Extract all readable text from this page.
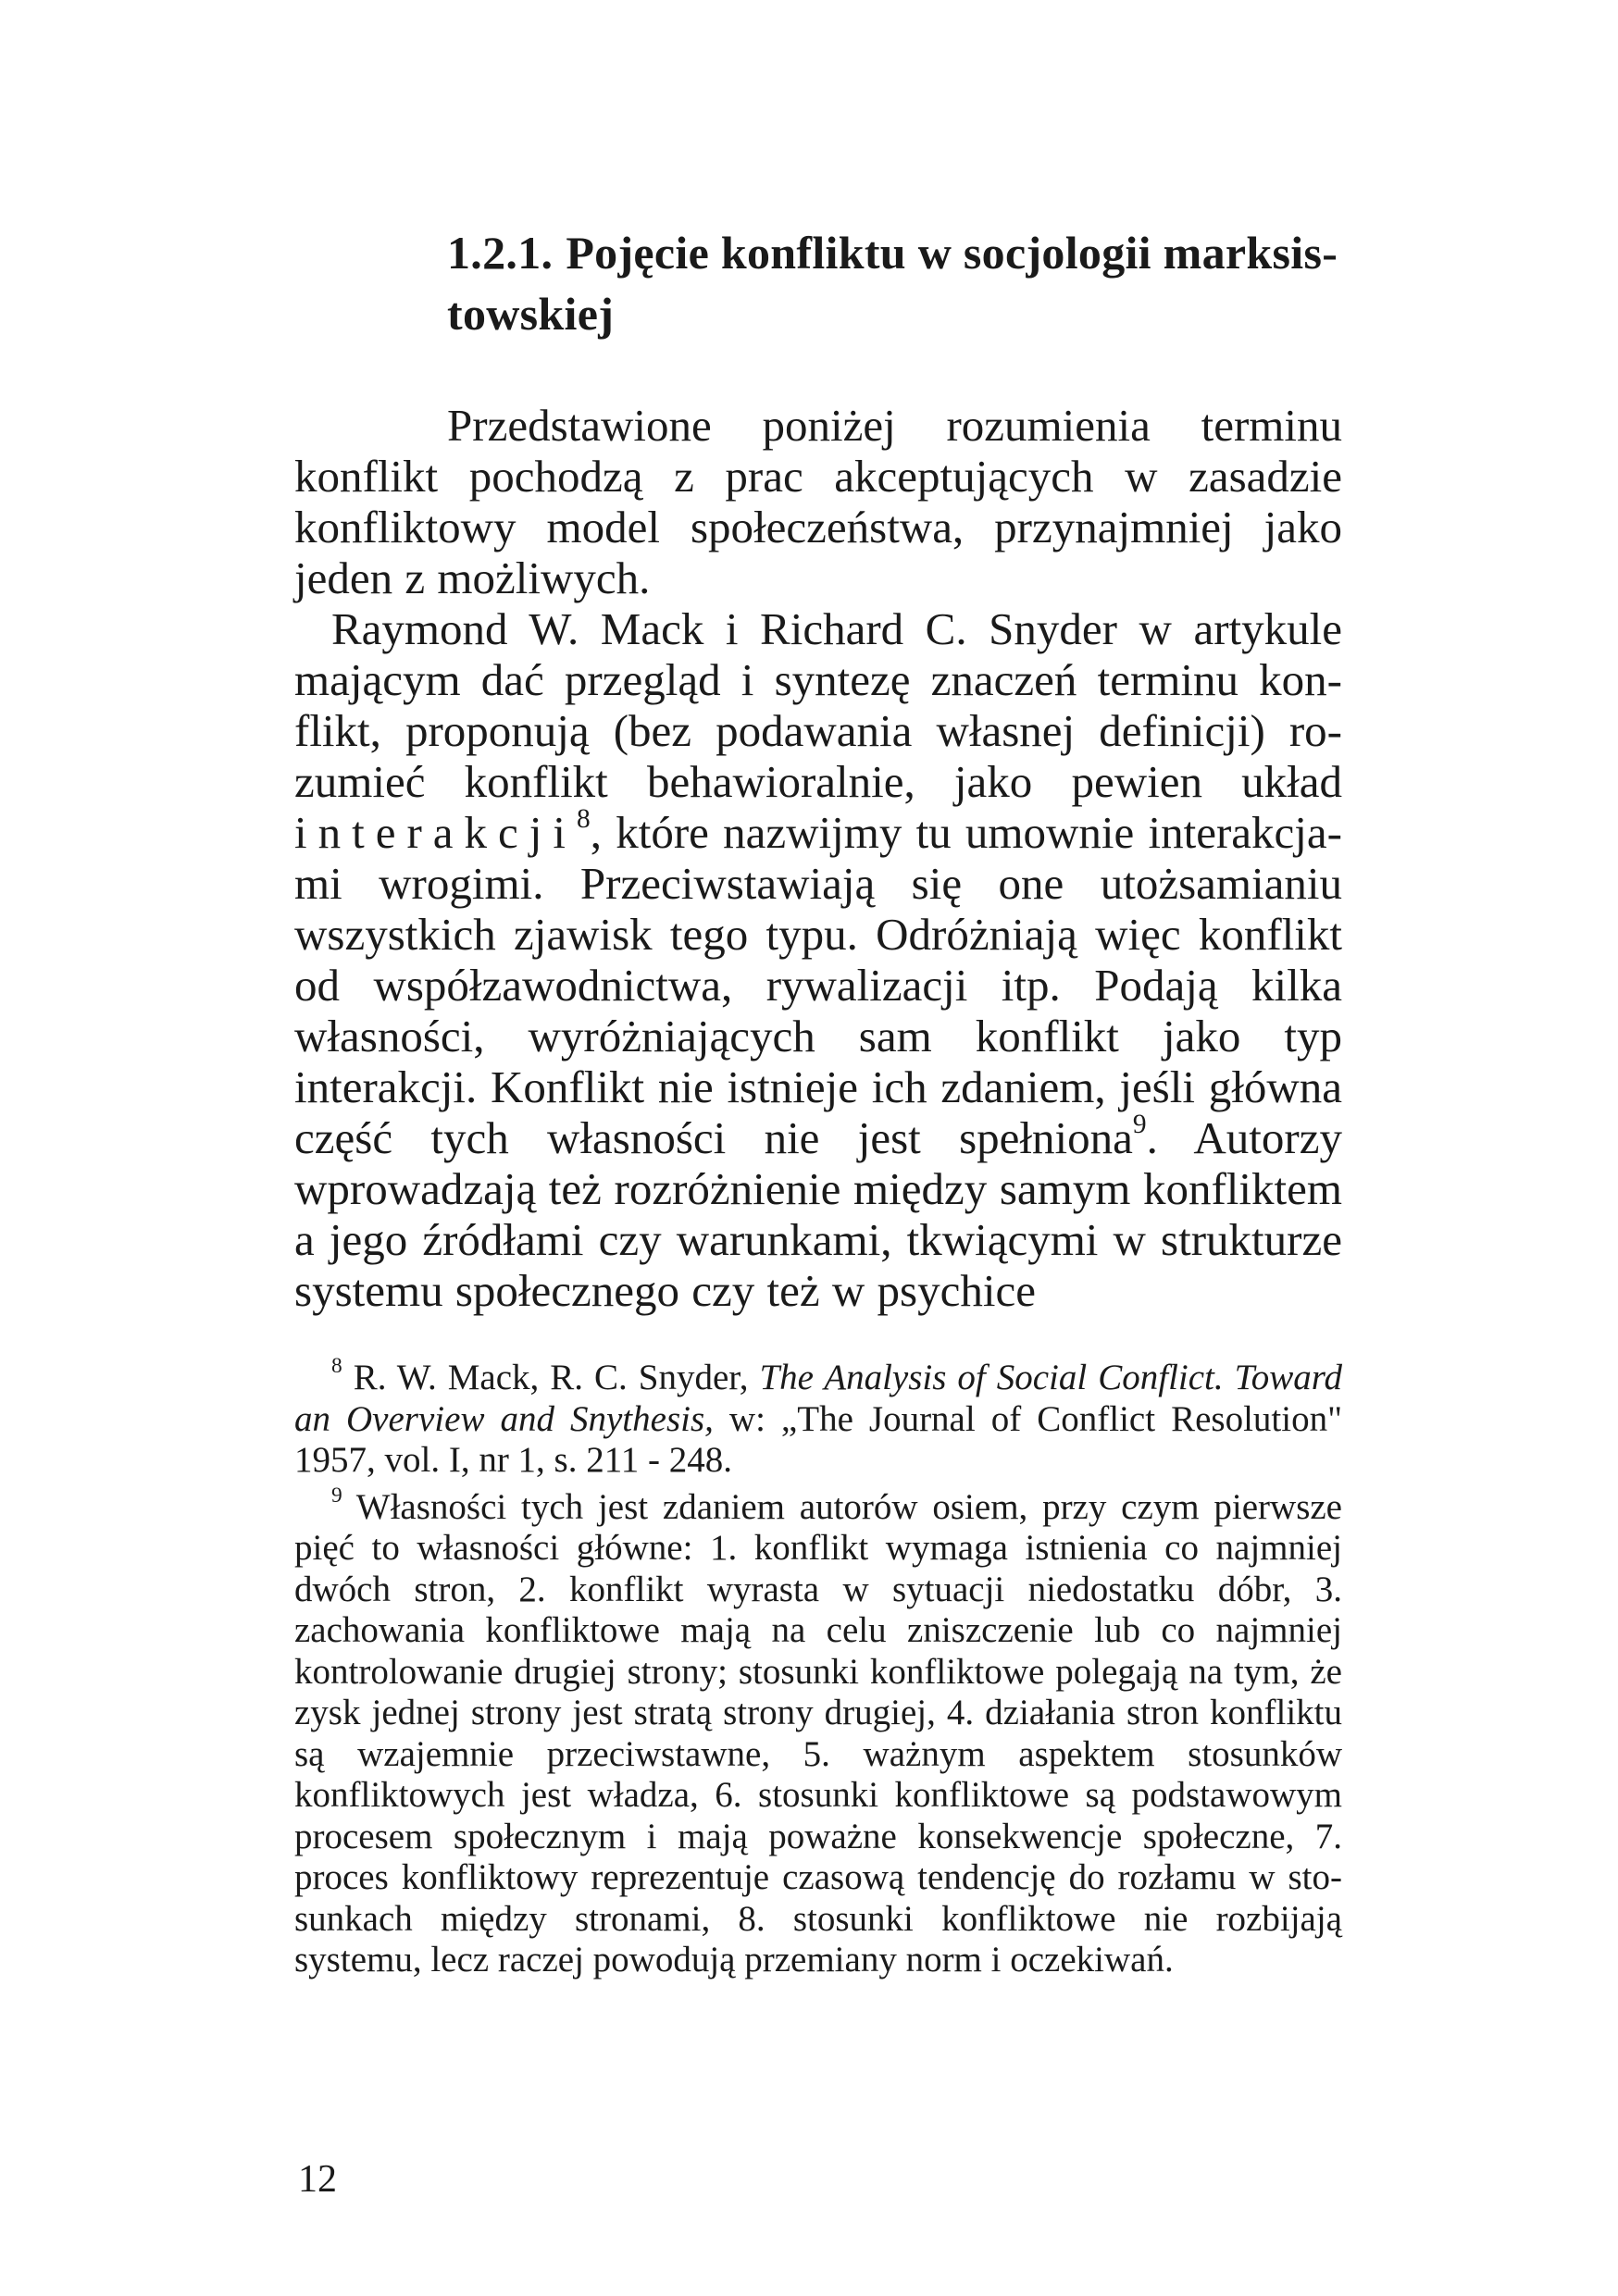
1.2.1. Pojęcie konfliktu w socjologii marksistowskiej

Przedstawione poniżej rozumienia terminu konflikt pochodzą z prac akceptujących w zasadzie konfliktowy model społeczeństwa, przynajmniej jako jeden z możliwych.

Raymond W. Mack i Richard C. Snyder w artykule mającym dać przegląd i syntezę znaczeń terminu konflikt, proponują (bez podawania własnej definicji) rozumieć konflikt behawioralnie, jako pewien układ interakcji$^8$, które nazwijmy tu umownie interakcjami wrogimi. Przeciwstawiają się one utożsamianiu wszystkich zjawisk tego typu. Odróżniają więc konflikt od współzawodnictwa, rywalizacji itp. Podają kilka własności, wyróżniających sam konflikt jako typ interakcji. Konflikt nie istnieje ich zdaniem, jeśli główna część tych własności nie jest spełniona$^9$. Autorzy wprowadzają też rozróżnienie między samym konfliktem a jego źródłami czy warunkami, tkwiącymi w strukturze systemu społecznego czy też w psychice

$^8$ R. W. Mack, R. C. Snyder, The Analysis of Social Conflict. Toward an Overview and Snythesis, w: „The Journal of Conflict Resolution" 1957, vol. I, nr 1, s. 211 - 248.

$^9$ Własności tych jest zdaniem autorów osiem, przy czym pierwsze pięć to własności główne: 1. konflikt wymaga istnienia co najmniej dwóch stron, 2. konflikt wyrasta w sytuacji niedostatku dóbr, 3. zachowania konfliktowe mają na celu zniszczenie lub co najmniej kontrolowanie drugiej strony; stosunki konfliktowe polegają na tym, że zysk jednej strony jest stratą strony drugiej, 4. działania stron konfliktu są wzajemnie przeciwstawne, 5. ważnym aspektem stosunków konfliktowych jest władza, 6. stosunki konfliktowe są podstawowym procesem społecznym i mają poważne konsekwencje społeczne, 7. proces konfliktowy reprezentuje czasową tendencję do rozłamu w stosunkach między stronami, 8. stosunki konfliktowe nie rozbijają systemu, lecz raczej powodują przemiany norm i oczekiwań.

12
